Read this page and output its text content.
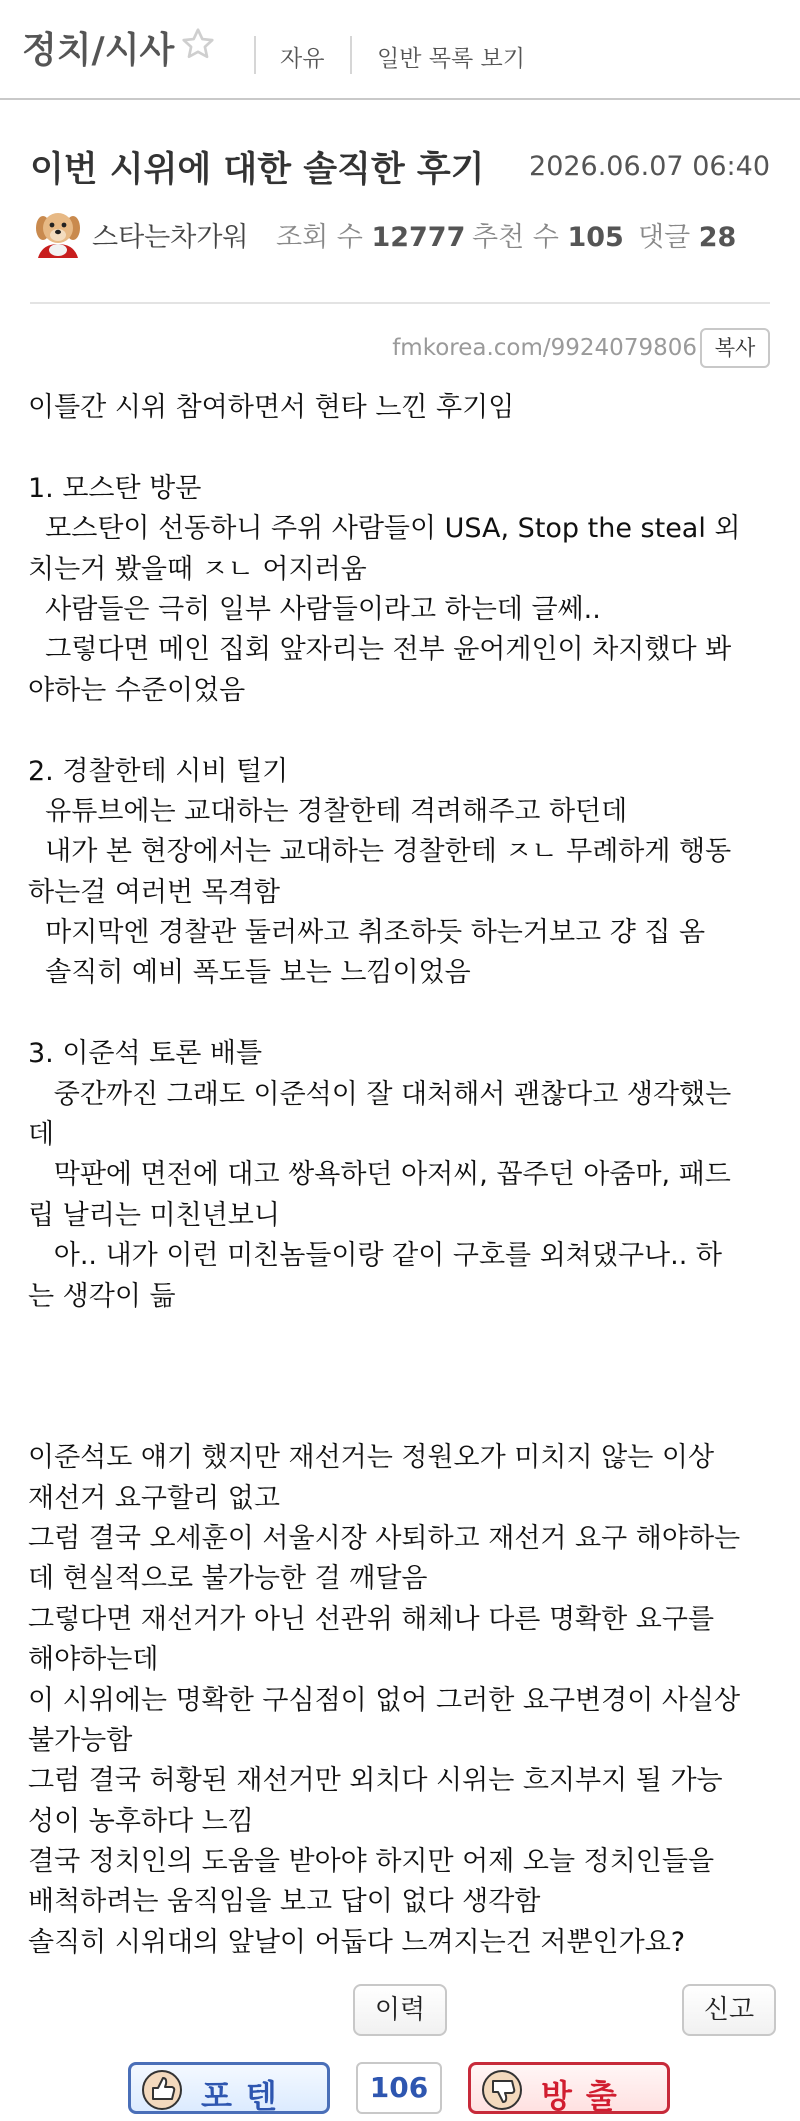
정치/시사	자유 일반 목록 보기
이번 시위에 대한 솔직한 후기 2026.06.07 06:40
스타는차가워 조회 수 12777 추천 수 105 댓글 28
fmkorea.com/9924079806 복사
이틀간 시위 참여하면서 현타 느낀 후기임
1. 모스탄 방문
모스탄이 선동하니 주위 사람들이 USA, Stop the steal 외
치는거 봤을때 ㅈㄴ 어지러움
사람들은 극히 일부 사람들이라고 하는데 글쎄..
그렇다면 메인 집회 앞자리는 전부 윤어게인이 차지했다 봐
야하는 수준이었음
2. 경찰한테 시비 털기
유튜브에는 교대하는 경찰한테 격려해주고 하던데
내가 본 현장에서는 교대하는 경찰한테 ㅈㄴ 무례하게 행동
하는걸 여러번 목격함
마지막엔 경찰관 둘러싸고 취조하듯 하는거보고 걍 집 옴
솔직히 예비 폭도들 보는 느낌이었음
3. 이준석 토론 배틀
중간까진 그래도 이준석이 잘 대처해서 괜찮다고 생각했는
데
막판에 면전에 대고 쌍욕하던 아저씨, 꼽주던 아줌마, 패드
립 날리는 미친년보니
아.. 내가 이런 미친놈들이랑 같이 구호를 외쳐댔구나.. 하
는 생각이 듦
이준석도 얘기 했지만 재선거는 정원오가 미치지 않는 이상
재선거 요구할리 없고
그럼 결국 오세훈이 서울시장 사퇴하고 재선거 요구 해야하는
데 현실적으로 불가능한 걸 깨달음
그렇다면 재선거가 아닌 선관위 해체나 다른 명확한 요구를
해야하는데
이 시위에는 명확한 구심점이 없어 그러한 요구변경이 사실상
불가능함
그럼 결국 허황된 재선거만 외치다 시위는 흐지부지 될 가능
성이 농후하다 느낌
결국 정치인의 도움을 받아야 하지만 어제 오늘 정치인들을
배척하려는 움직임을 보고 답이 없다 생각함
솔직히 시위대의 앞날이 어둡다 느껴지는건 저뿐인가요?
이력	신고
포텐	106	방출
